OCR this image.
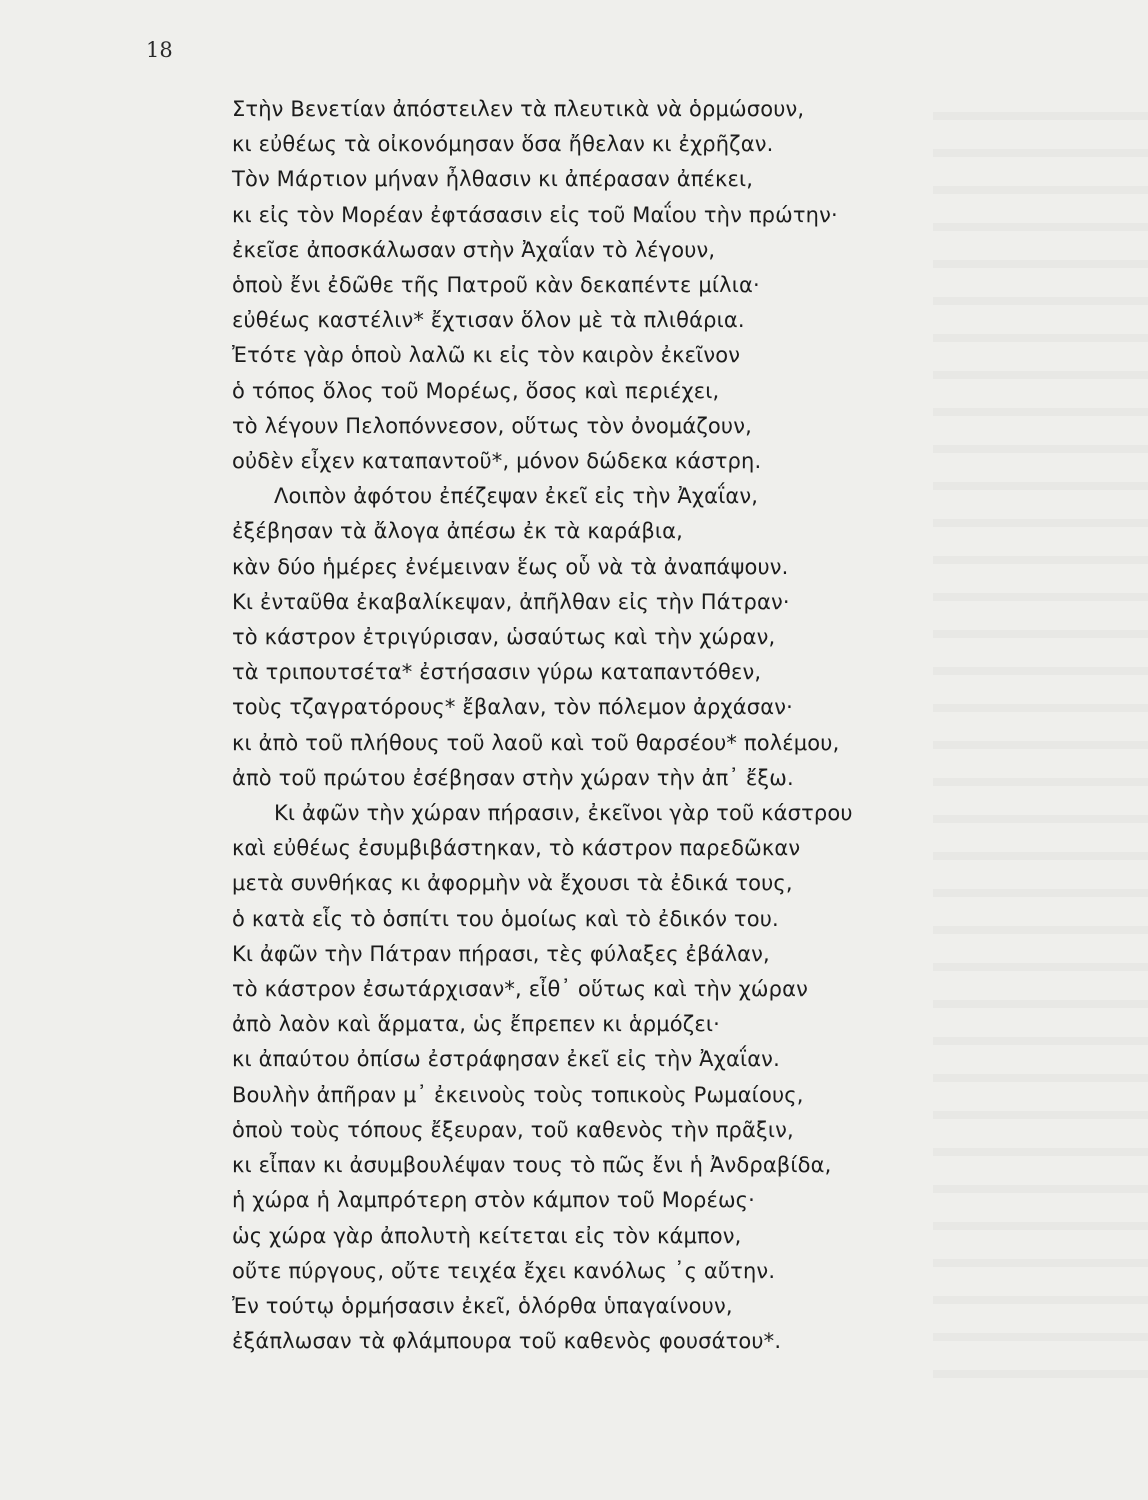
18
Στὴν Βενετίαν ἀπόστειλεν τὰ πλευτικὰ νὰ ὁρμώσουν,
κι εὐθέως τὰ οἰκονόμησαν ὅσα ἤθελαν κι ἐχρῆζαν.
Τὸν Μάρτιον μήναν ἦλθασιν κι ἀπέρασαν ἀπέκει,
κι εἰς τὸν Μορέαν ἐφτάσασιν εἰς τοῦ Μαΐου τὴν πρώτην·
ἐκεῖσε ἀποσκάλωσαν στὴν Ἀχαΐαν τὸ λέγουν,
ὁποὺ ἔνι ἐδῶθε τῆς Πατροῦ κὰν δεκαπέντε μίλια·
εὐθέως καστέλιν* ἔχτισαν ὅλον μὲ τὰ πλιθάρια.
Ἐτότε γὰρ ὁπoὺ λαλῶ κι εἰς τὸν καιρὸν ἐκεῖνον
ὁ τόπος ὅλος τοῦ Μορέως, ὅσος καὶ περιέχει,
τὸ λέγουν Πελοπόννεσον, οὕτως τὸν ὀνομάζουν,
οὐδὲν εἶχεν καταπαντοῦ*, μόνον δώδεκα κάστρη.
Λοιπὸν ἀφότου ἐπέζεψαν ἐκεῖ εἰς τὴν Ἀχαΐαν,
ἐξέβησαν τὰ ἄλογα ἀπέσω ἐκ τὰ καράβια,
κὰν δύο ἡμέρες ἐνέμειναν ἕως οὗ νὰ τὰ ἀναπάψουν.
Κι ἐνταῦθα ἐκαβαλίκεψαν, ἀπῆλθαν εἰς τὴν Πάτραν·
τὸ κάστρον ἐτριγύρισαν, ὡσαύτως καὶ τὴν χώραν,
τὰ τριπουτσέτα* ἐστήσασιν γύρω καταπαντόθεν,
τοὺς τζαγρατόρους* ἔβαλαν, τὸν πόλεμον ἀρχάσαν·
κι ἀπὸ τοῦ πλήθους τοῦ λαοῦ καὶ τοῦ θαρσέου* πολέμου,
ἀπὸ τοῦ πρώτου ἐσέβησαν στὴν χώραν τὴν ἀπ᾽ ἔξω.
Κι ἀφῶν τὴν χώραν πήρασιν, ἐκεῖνοι γὰρ τοῦ κάστρου
καὶ εὐθέως ἐσυμβιβάστηκαν, τὸ κάστρον παρεδῶκαν
μετὰ συνθήκας κι ἀφορμὴν νὰ ἔχουσι τὰ ἐδικά τους,
ὁ κατὰ εἷς τὸ ὁσπίτι του ὁμοίως καὶ τὸ ἐδικόν του.
Κι ἀφῶν τὴν Πάτραν πήρασι, τὲς φύλαξες ἐβάλαν,
τὸ κάστρον ἐσωτάρχισαν*, εἶθ᾽ οὕτως καὶ τὴν χώραν
ἀπὸ λαὸν καὶ ἅρματα, ὡς ἔπρεπεν κι ἁρμόζει·
κι ἀπαύτου ὀπίσω ἐστράφησαν ἐκεῖ εἰς τὴν Ἀχαΐαν.
Βουλὴν ἀπῆραν μ᾽ ἐκεινοὺς τοὺς τοπικοὺς Ρωμαίους,
ὁποὺ τοὺς τόπους ἔξευραν, τοῦ καθενὸς τὴν πρᾶξιν,
κι εἶπαν κι ἀσυμβουλέψαν τους τὸ πῶς ἔνι ἡ Ἀνδραβίδα,
ἡ χώρα ἡ λαμπρότερη στὸν κάμπον τοῦ Μορέως·
ὡς χώρα γὰρ ἀπολυτὴ κείτεται εἰς τὸν κάμπον,
οὔτε πύργους, οὔτε τειχέα ἔχει κανόλως ᾽ς αὔτην.
Ἐν τούτῳ ὁρμήσασιν ἐκεῖ, ὁλόρθα ὑπαγαίνουν,
ἐξάπλωσαν τὰ φλάμπουρα τοῦ καθενὸς φουσάτου*.
